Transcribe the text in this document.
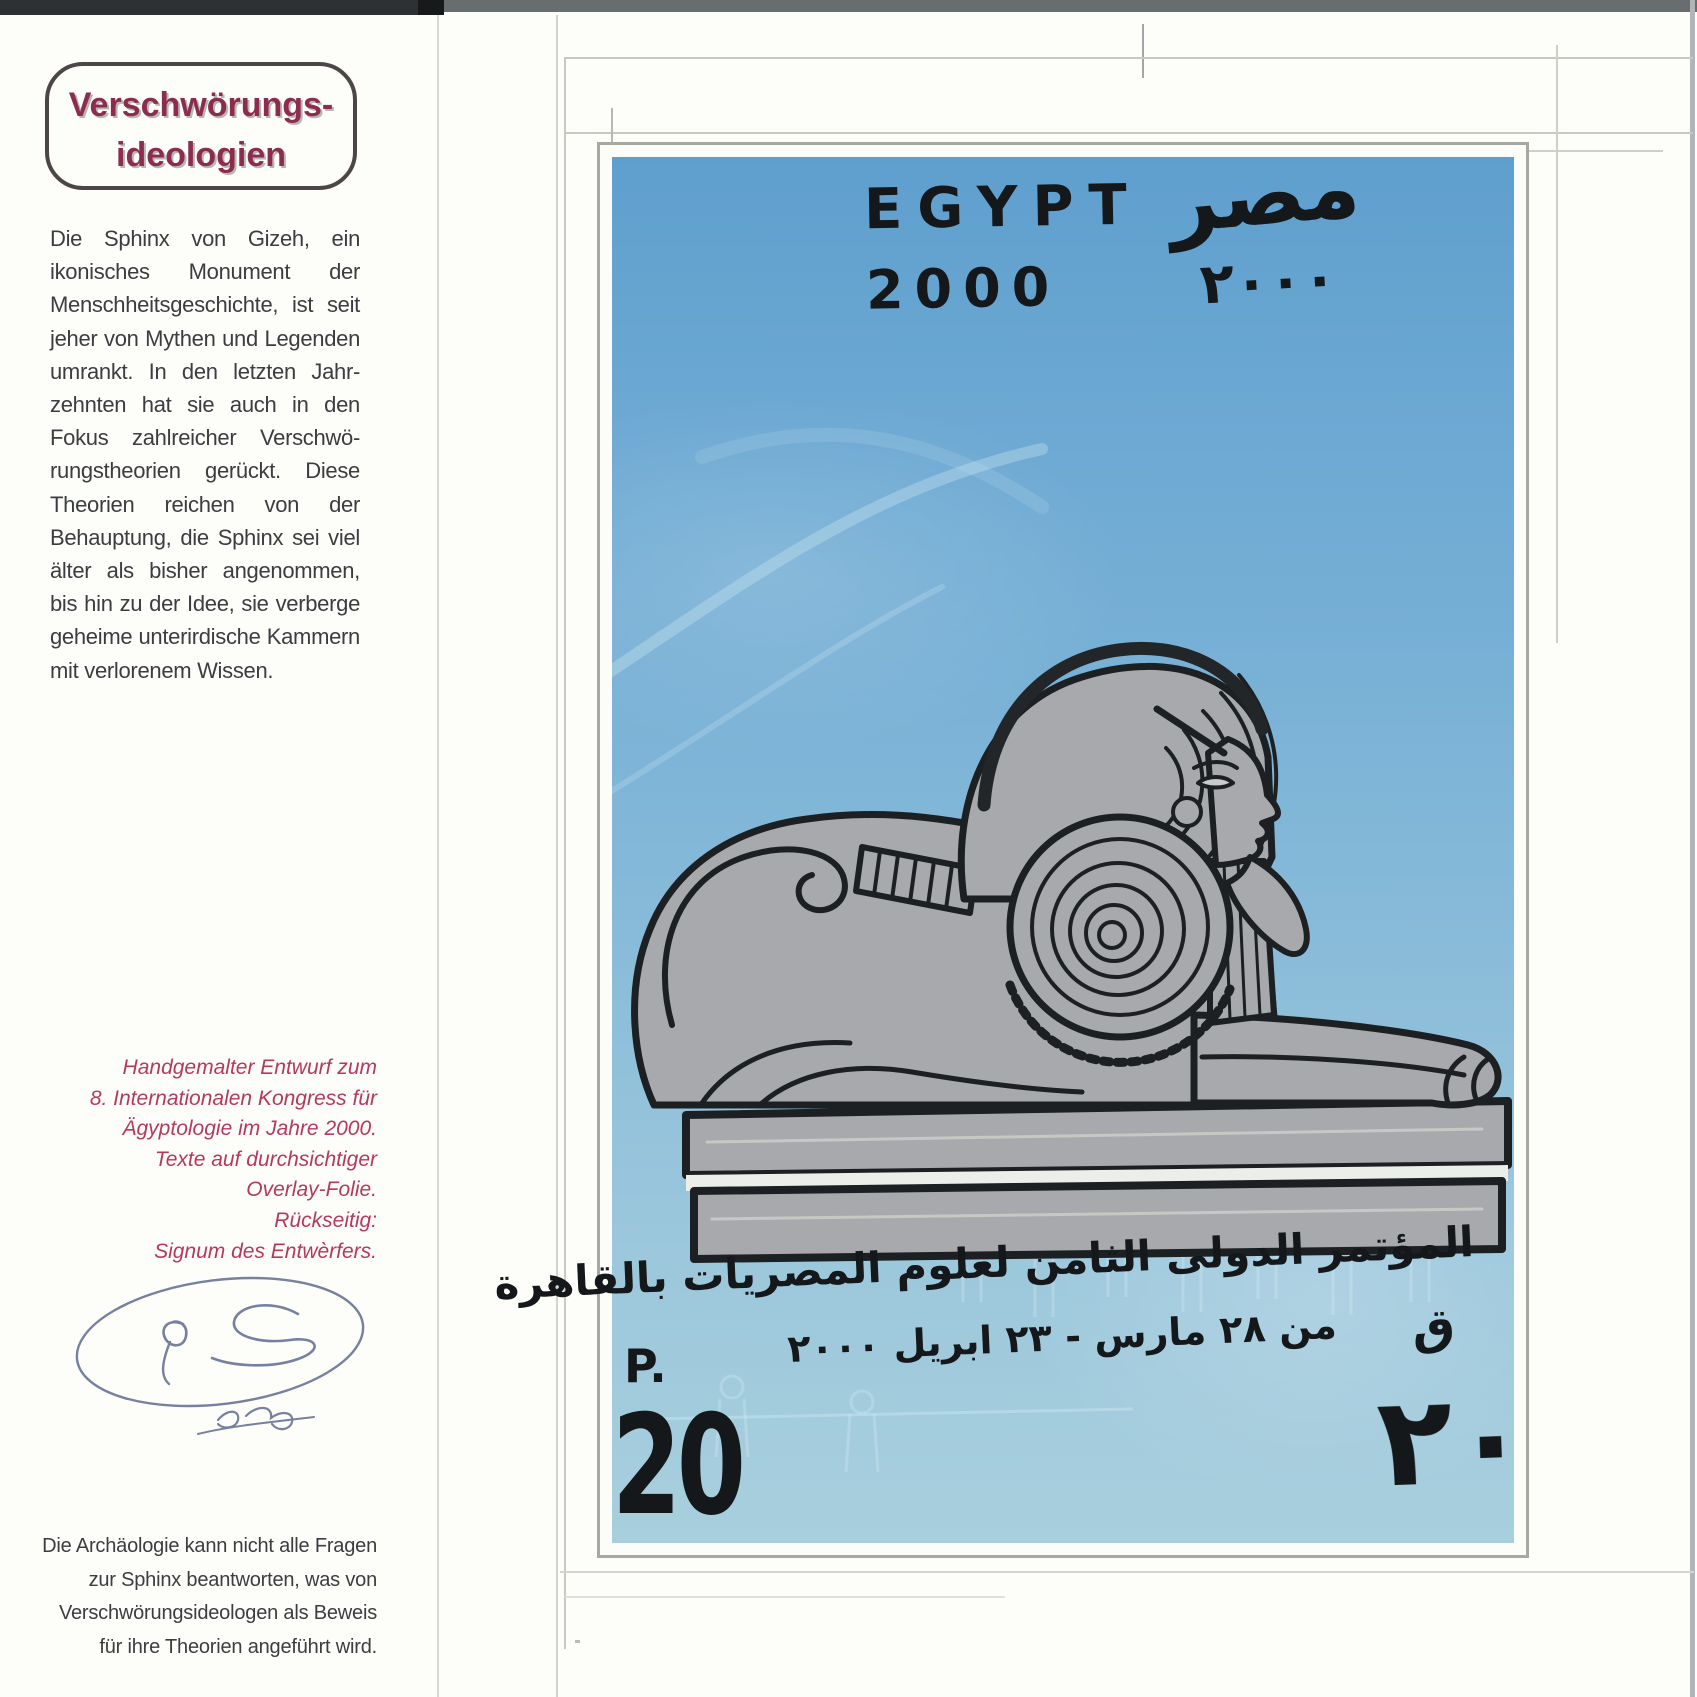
Verschwörungs-
ideologien
Die Sphinx von Gizeh, ein
ikonisches Monument der
Menschheitsgeschichte, ist seit
jeher von Mythen und Legenden
umrankt. In den letzten Jahr-
zehnten hat sie auch in den
Fokus zahlreicher Verschwö-
rungstheorien gerückt. Diese
Theorien reichen von der
Behauptung, die Sphinx sei viel
älter als bisher angenommen,
bis hin zu der Idee, sie verberge
geheime unterirdische Kammern
mit verlorenem Wissen.
Handgemalter Entwurf zum
8. Internationalen Kongress für
Ägyptologie im Jahre 2000.
Texte auf durchsichtiger
Overlay-Folie.
Rückseitig:
Signum des Entwèrfers.
Die Archäologie kann nicht alle Fragen
zur Sphinx beantworten, was von
Verschwörungsideologen als Beweis
für ihre Theorien angeführt wird.
EGYPT
2000
مصر
٢٠٠٠
المؤتمر الدولى الثامن لعلوم المصريات بالقاهرة
من ٢٨ مارس - ٢٣ ابريل ٢٠٠٠
P.
20
ق
٢٠
